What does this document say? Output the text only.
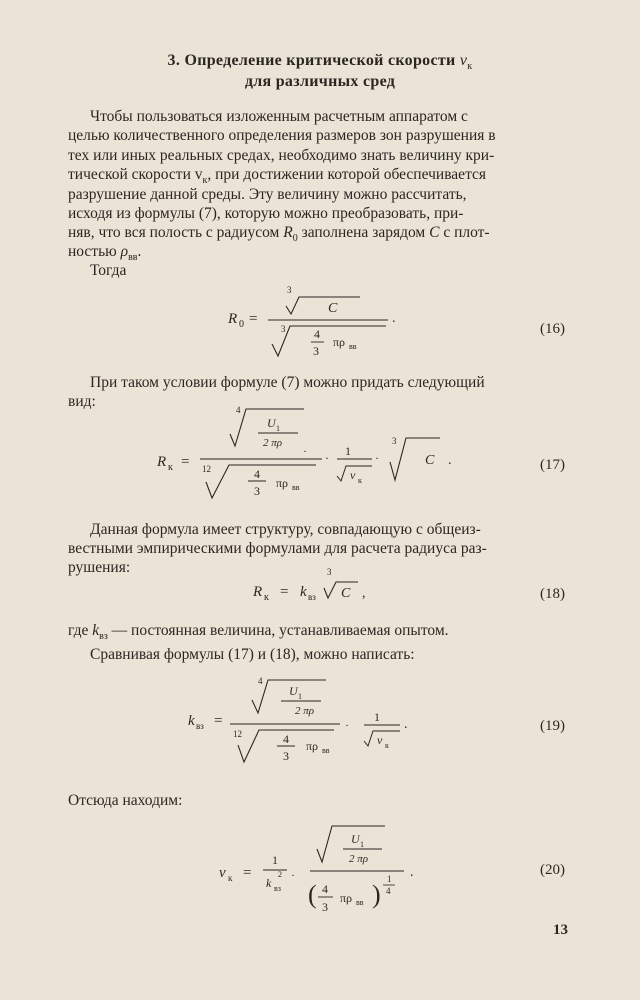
3. Определение критической скорости $v_к$
для различных сред
Чтобы пользоваться изложенным расчетным аппаратом с
целью количественного определения размеров зон разрушения в
тех или иных реальных средах, необходимо знать величину кри-
тической скорости $v_к$, при достижении которой обеспечивается
разрушение данной среды. Эту величину можно рассчитать,
исходя из формулы (7), которую можно преобразовать, при-
няв, что вся полость с радиусом $R_0$ заполнена зарядом C с плот-
ностью $\rho_{вв}$.
Тогда
(16)
При таком условии формуле (7) можно придать следующий
вид:
(17)
Данная формула имеет структуру, совпадающую с общеиз-
вестными эмпирическими формулами для расчета радиуса раз-
рушения:
(18)
где $k_{вз}$ — постоянная величина, устанавливаемая опытом.
Сравнивая формулы (17) и (18), можно написать:
(19)
Отсюда находим:
(20)
13
R 0 =
3
C
3 4
3
πρ вв
.
R к =
4
U 1
2 πρ
·
12	4
3
πρ вв
· 1
v к
·
3
C .
R к = k вз
3
C ,
k вз =
4
U 1
2 πρ
12	4
3
πρ вв
·
1
v к
.
v к =
1
k
2
вз
·
U 1
2 πρ
( 4
3
πρ вв )
1
4
.
